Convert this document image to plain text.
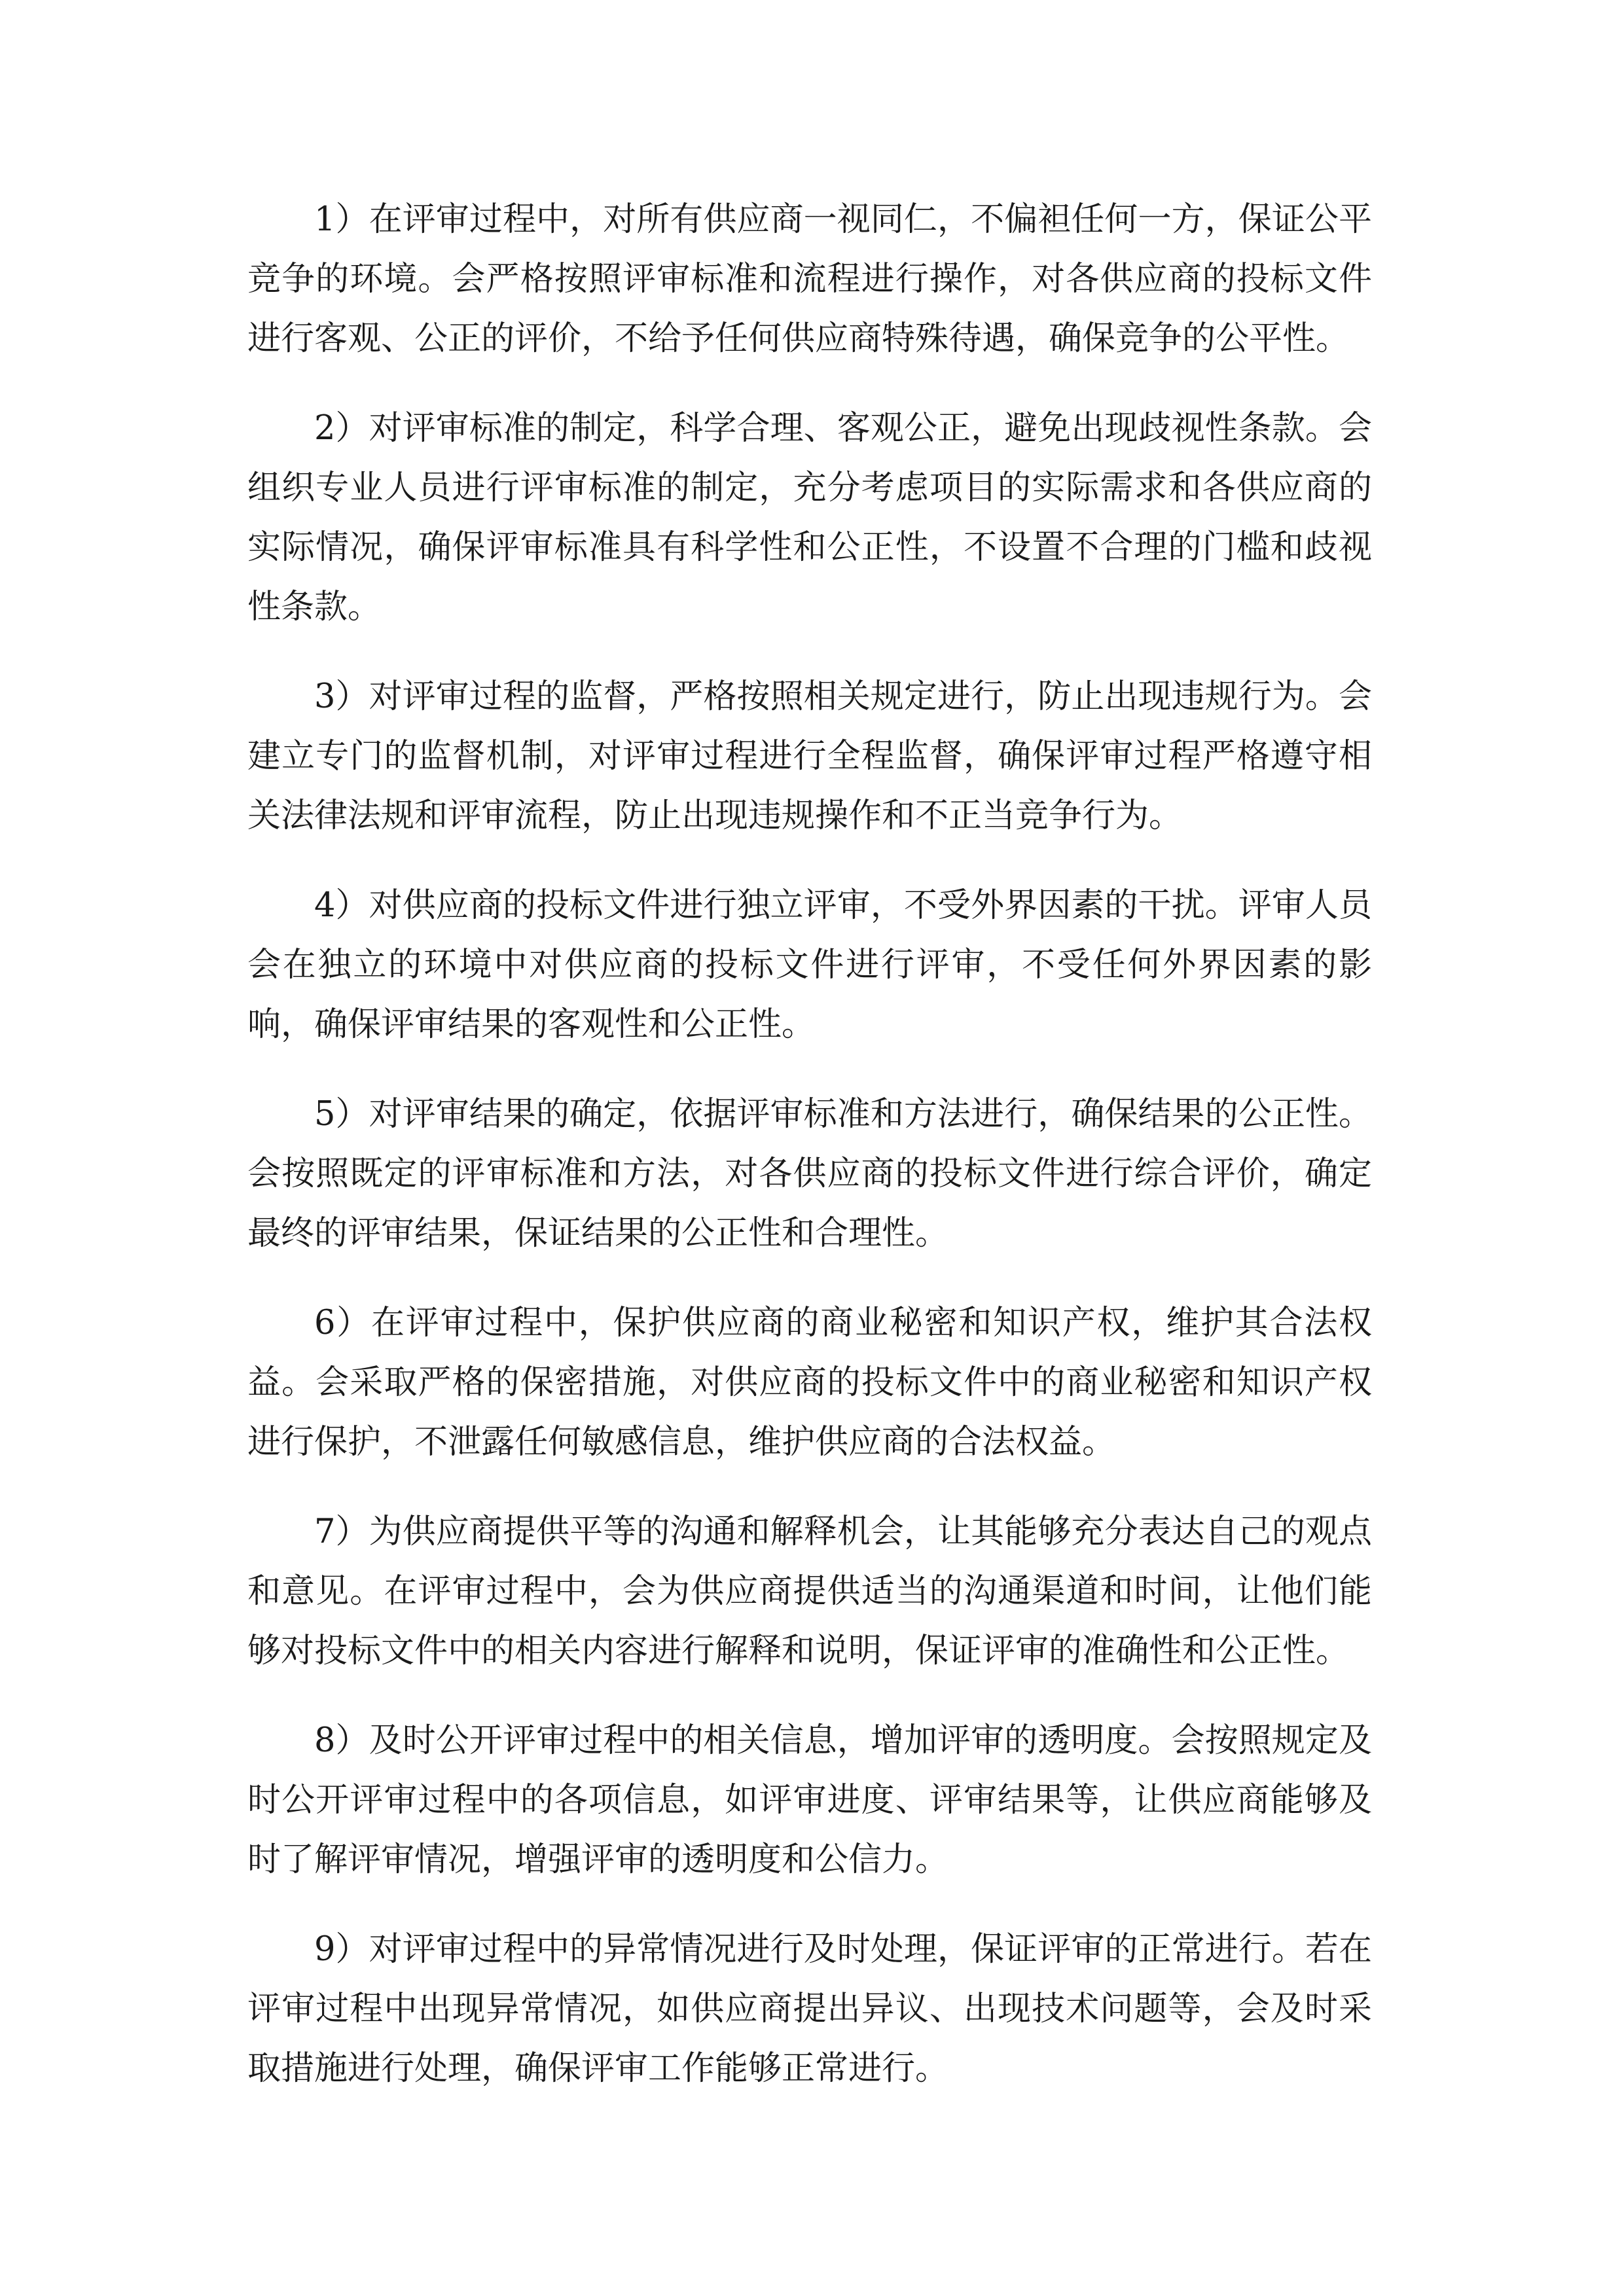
1）在评审过程中，对所有供应商一视同仁，不偏袒任何一方，保证公平竞争的环境。会严格按照评审标准和流程进行操作，对各供应商的投标文件进行客观、公正的评价，不给予任何供应商特殊待遇，确保竞争的公平性。

2）对评审标准的制定，科学合理、客观公正，避免出现歧视性条款。会组织专业人员进行评审标准的制定，充分考虑项目的实际需求和各供应商的实际情况，确保评审标准具有科学性和公正性，不设置不合理的门槛和歧视性条款。

3）对评审过程的监督，严格按照相关规定进行，防止出现违规行为。会建立专门的监督机制，对评审过程进行全程监督，确保评审过程严格遵守相关法律法规和评审流程，防止出现违规操作和不正当竞争行为。

4）对供应商的投标文件进行独立评审，不受外界因素的干扰。评审人员会在独立的环境中对供应商的投标文件进行评审，不受任何外界因素的影响，确保评审结果的客观性和公正性。

5）对评审结果的确定，依据评审标准和方法进行，确保结果的公正性。会按照既定的评审标准和方法，对各供应商的投标文件进行综合评价，确定最终的评审结果，保证结果的公正性和合理性。

6）在评审过程中，保护供应商的商业秘密和知识产权，维护其合法权益。会采取严格的保密措施，对供应商的投标文件中的商业秘密和知识产权进行保护，不泄露任何敏感信息，维护供应商的合法权益。

7）为供应商提供平等的沟通和解释机会，让其能够充分表达自己的观点和意见。在评审过程中，会为供应商提供适当的沟通渠道和时间，让他们能够对投标文件中的相关内容进行解释和说明，保证评审的准确性和公正性。

8）及时公开评审过程中的相关信息，增加评审的透明度。会按照规定及时公开评审过程中的各项信息，如评审进度、评审结果等，让供应商能够及时了解评审情况，增强评审的透明度和公信力。

9）对评审过程中的异常情况进行及时处理，保证评审的正常进行。若在评审过程中出现异常情况，如供应商提出异议、出现技术问题等，会及时采取措施进行处理，确保评审工作能够正常进行。
